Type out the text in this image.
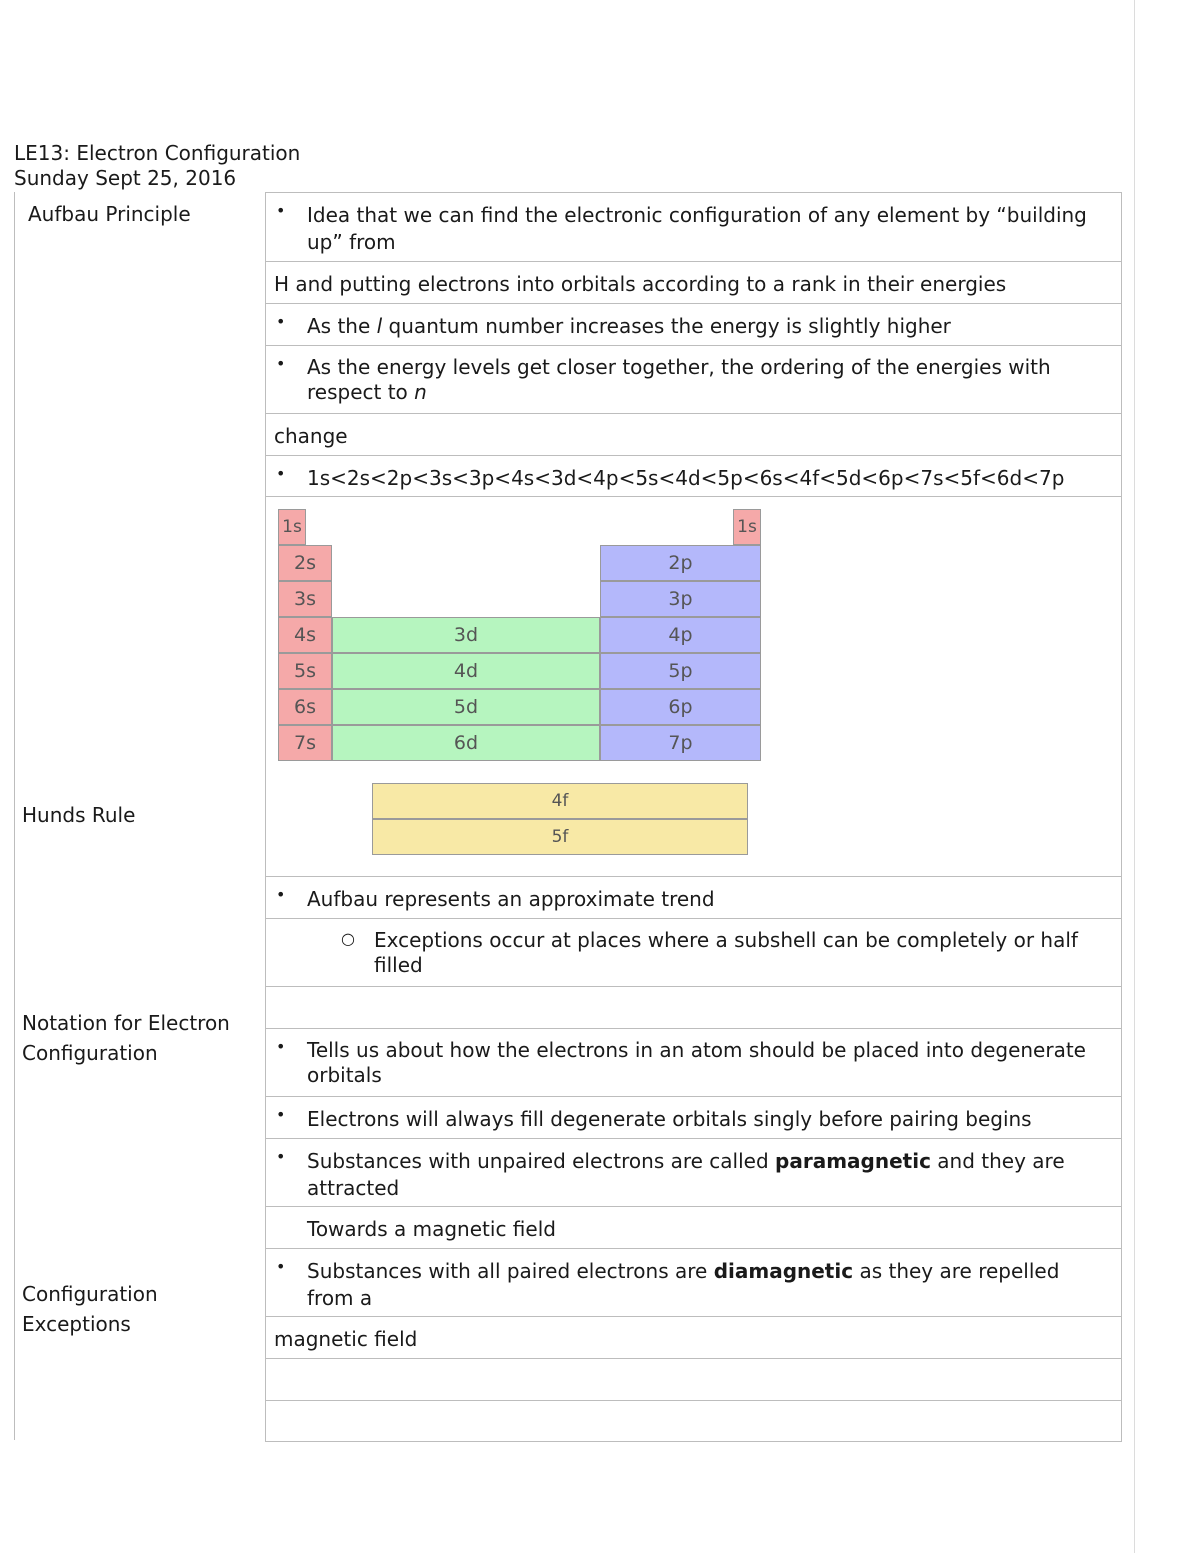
LE13: Electron Configuration
Sunday Sept 25, 2016
Aufbau Principle
Hunds Rule
Notation for Electron Configuration
Configuration Exceptions
• Idea that we can find the electronic configuration of any element by “building up” from
H and putting electrons into orbitals according to a rank in their energies
• As the l quantum number increases the energy is slightly higher
• As the energy levels get closer together, the ordering of the energies with respect to n
change
• 1s<2s<2p<3s<3p<4s<3d<4p<5s<4d<5p<6s<4f<5d<6p<7s<5f<6d<7p
1s
2s
3s
4s
5s
6s
7s
1s
2p
3p
4p
5p
6p
7p
3d
4d
5d
6d
4f
5f
• Aufbau represents an approximate trend
○ Exceptions occur at places where a subshell can be completely or half filled
• Tells us about how the electrons in an atom should be placed into degenerate orbitals
• Electrons will always fill degenerate orbitals singly before pairing begins
• Substances with unpaired electrons are called paramagnetic and they are attracted
Towards a magnetic field
• Substances with all paired electrons are diamagnetic as they are repelled from a
magnetic field
